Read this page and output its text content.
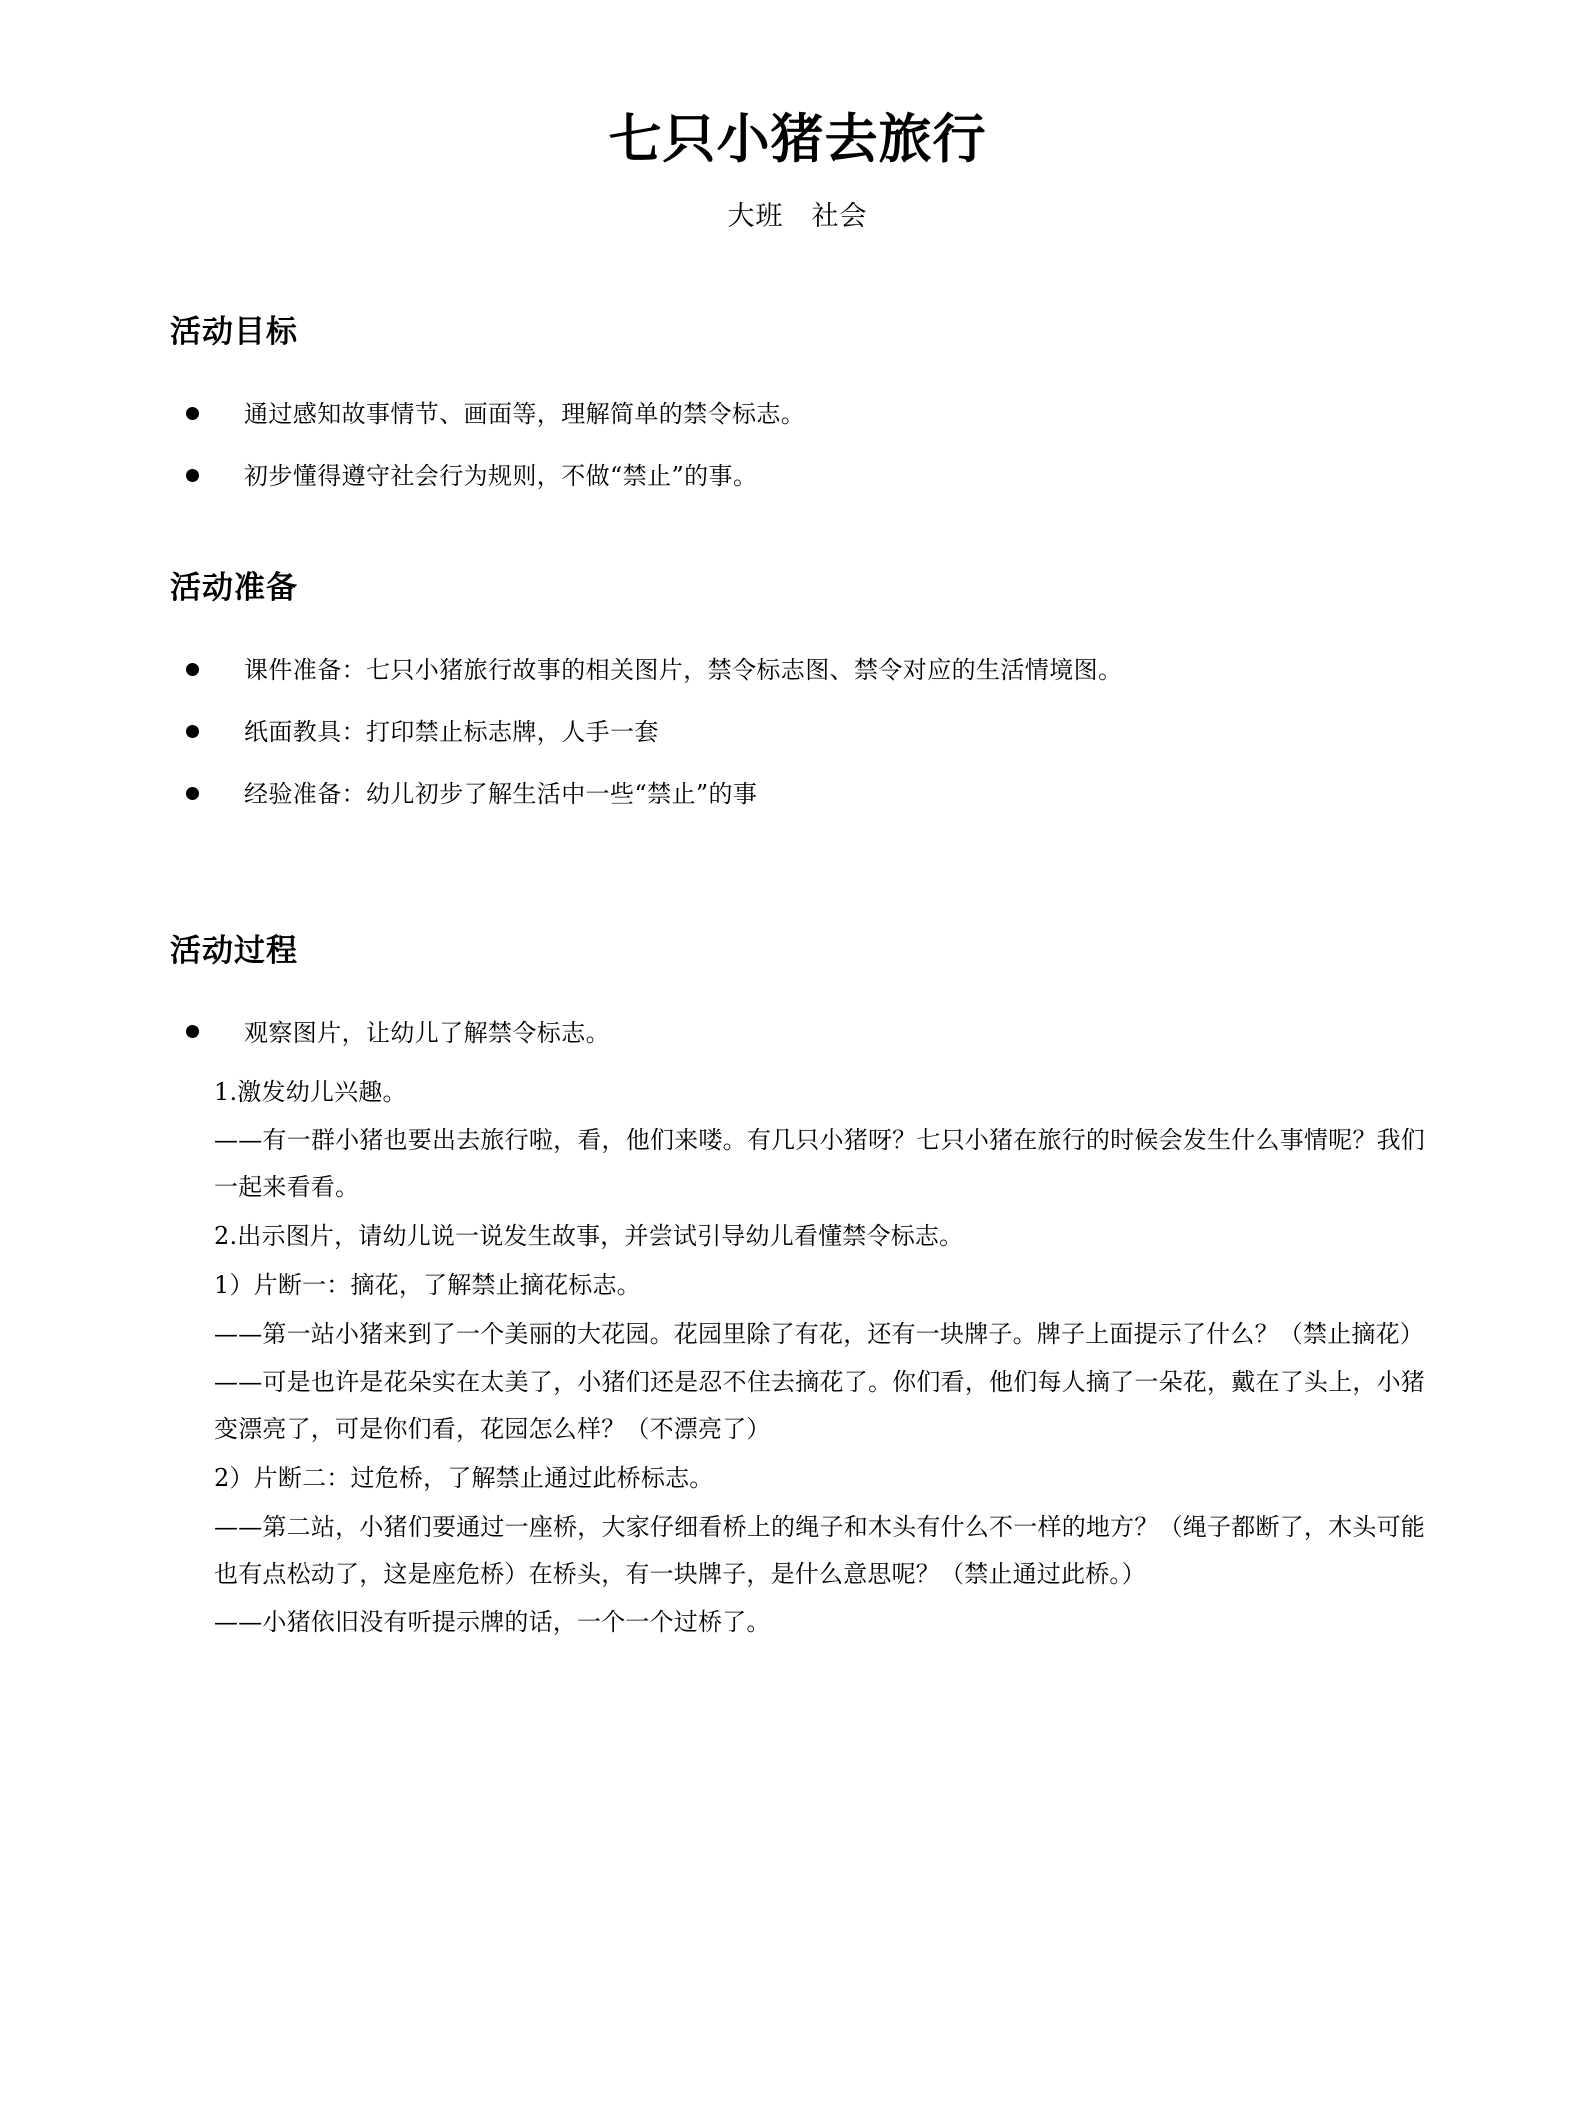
七只小猪去旅行
大班　社会
活动目标
通过感知故事情节、画面等，理解简单的禁令标志。
初步懂得遵守社会行为规则，不做“禁止”的事。
活动准备
课件准备：七只小猪旅行故事的相关图片，禁令标志图、禁令对应的生活情境图。
纸面教具：打印禁止标志牌，人手一套
经验准备：幼儿初步了解生活中一些“禁止”的事
活动过程
观察图片，让幼儿了解禁令标志。

1.激发幼儿兴趣。

——有一群小猪也要出去旅行啦，看，他们来喽。有几只小猪呀？七只小猪在旅行的时候会发生什么事情呢？我们一起来看看。

2.出示图片，请幼儿说一说发生故事，并尝试引导幼儿看懂禁令标志。

1）片断一：摘花，了解禁止摘花标志。

——第一站小猪来到了一个美丽的大花园。花园里除了有花，还有一块牌子。牌子上面提示了什么？（禁止摘花）

——可是也许是花朵实在太美了，小猪们还是忍不住去摘花了。你们看，他们每人摘了一朵花，戴在了头上，小猪变漂亮了，可是你们看，花园怎么样？（不漂亮了）

2）片断二：过危桥，了解禁止通过此桥标志。

——第二站，小猪们要通过一座桥，大家仔细看桥上的绳子和木头有什么不一样的地方？（绳子都断了，木头可能也有点松动了，这是座危桥）在桥头，有一块牌子，是什么意思呢？（禁止通过此桥。）

——小猪依旧没有听提示牌的话，一个一个过桥了。
